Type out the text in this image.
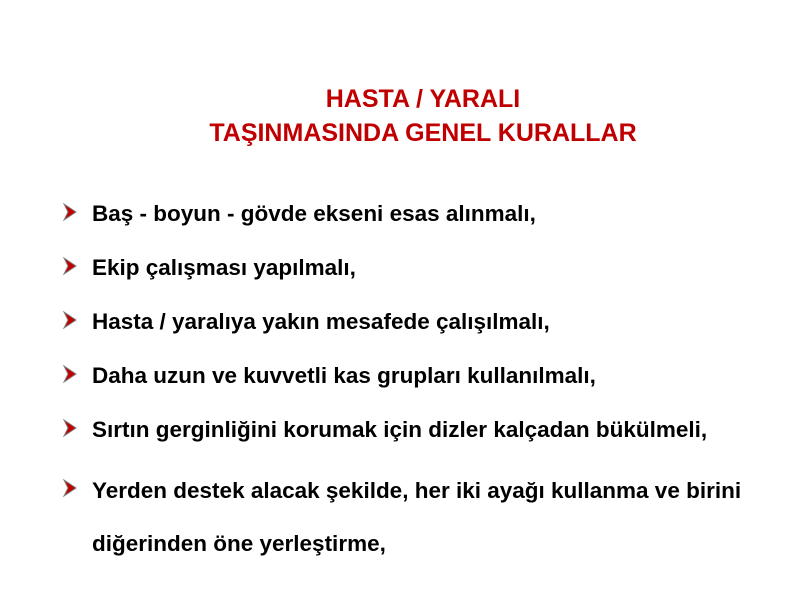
HASTA / YARALI
TAŞINMASINDA GENEL KURALLAR
Baş - boyun - gövde ekseni esas alınmalı,
Ekip çalışması yapılmalı,
Hasta / yaralıya yakın mesafede çalışılmalı,
Daha uzun ve kuvvetli kas grupları kullanılmalı,
Sırtın gerginliğini korumak için dizler kalçadan bükülmeli,
Yerden destek alacak şekilde, her iki ayağı kullanma ve birini diğerinden öne yerleştirme,
